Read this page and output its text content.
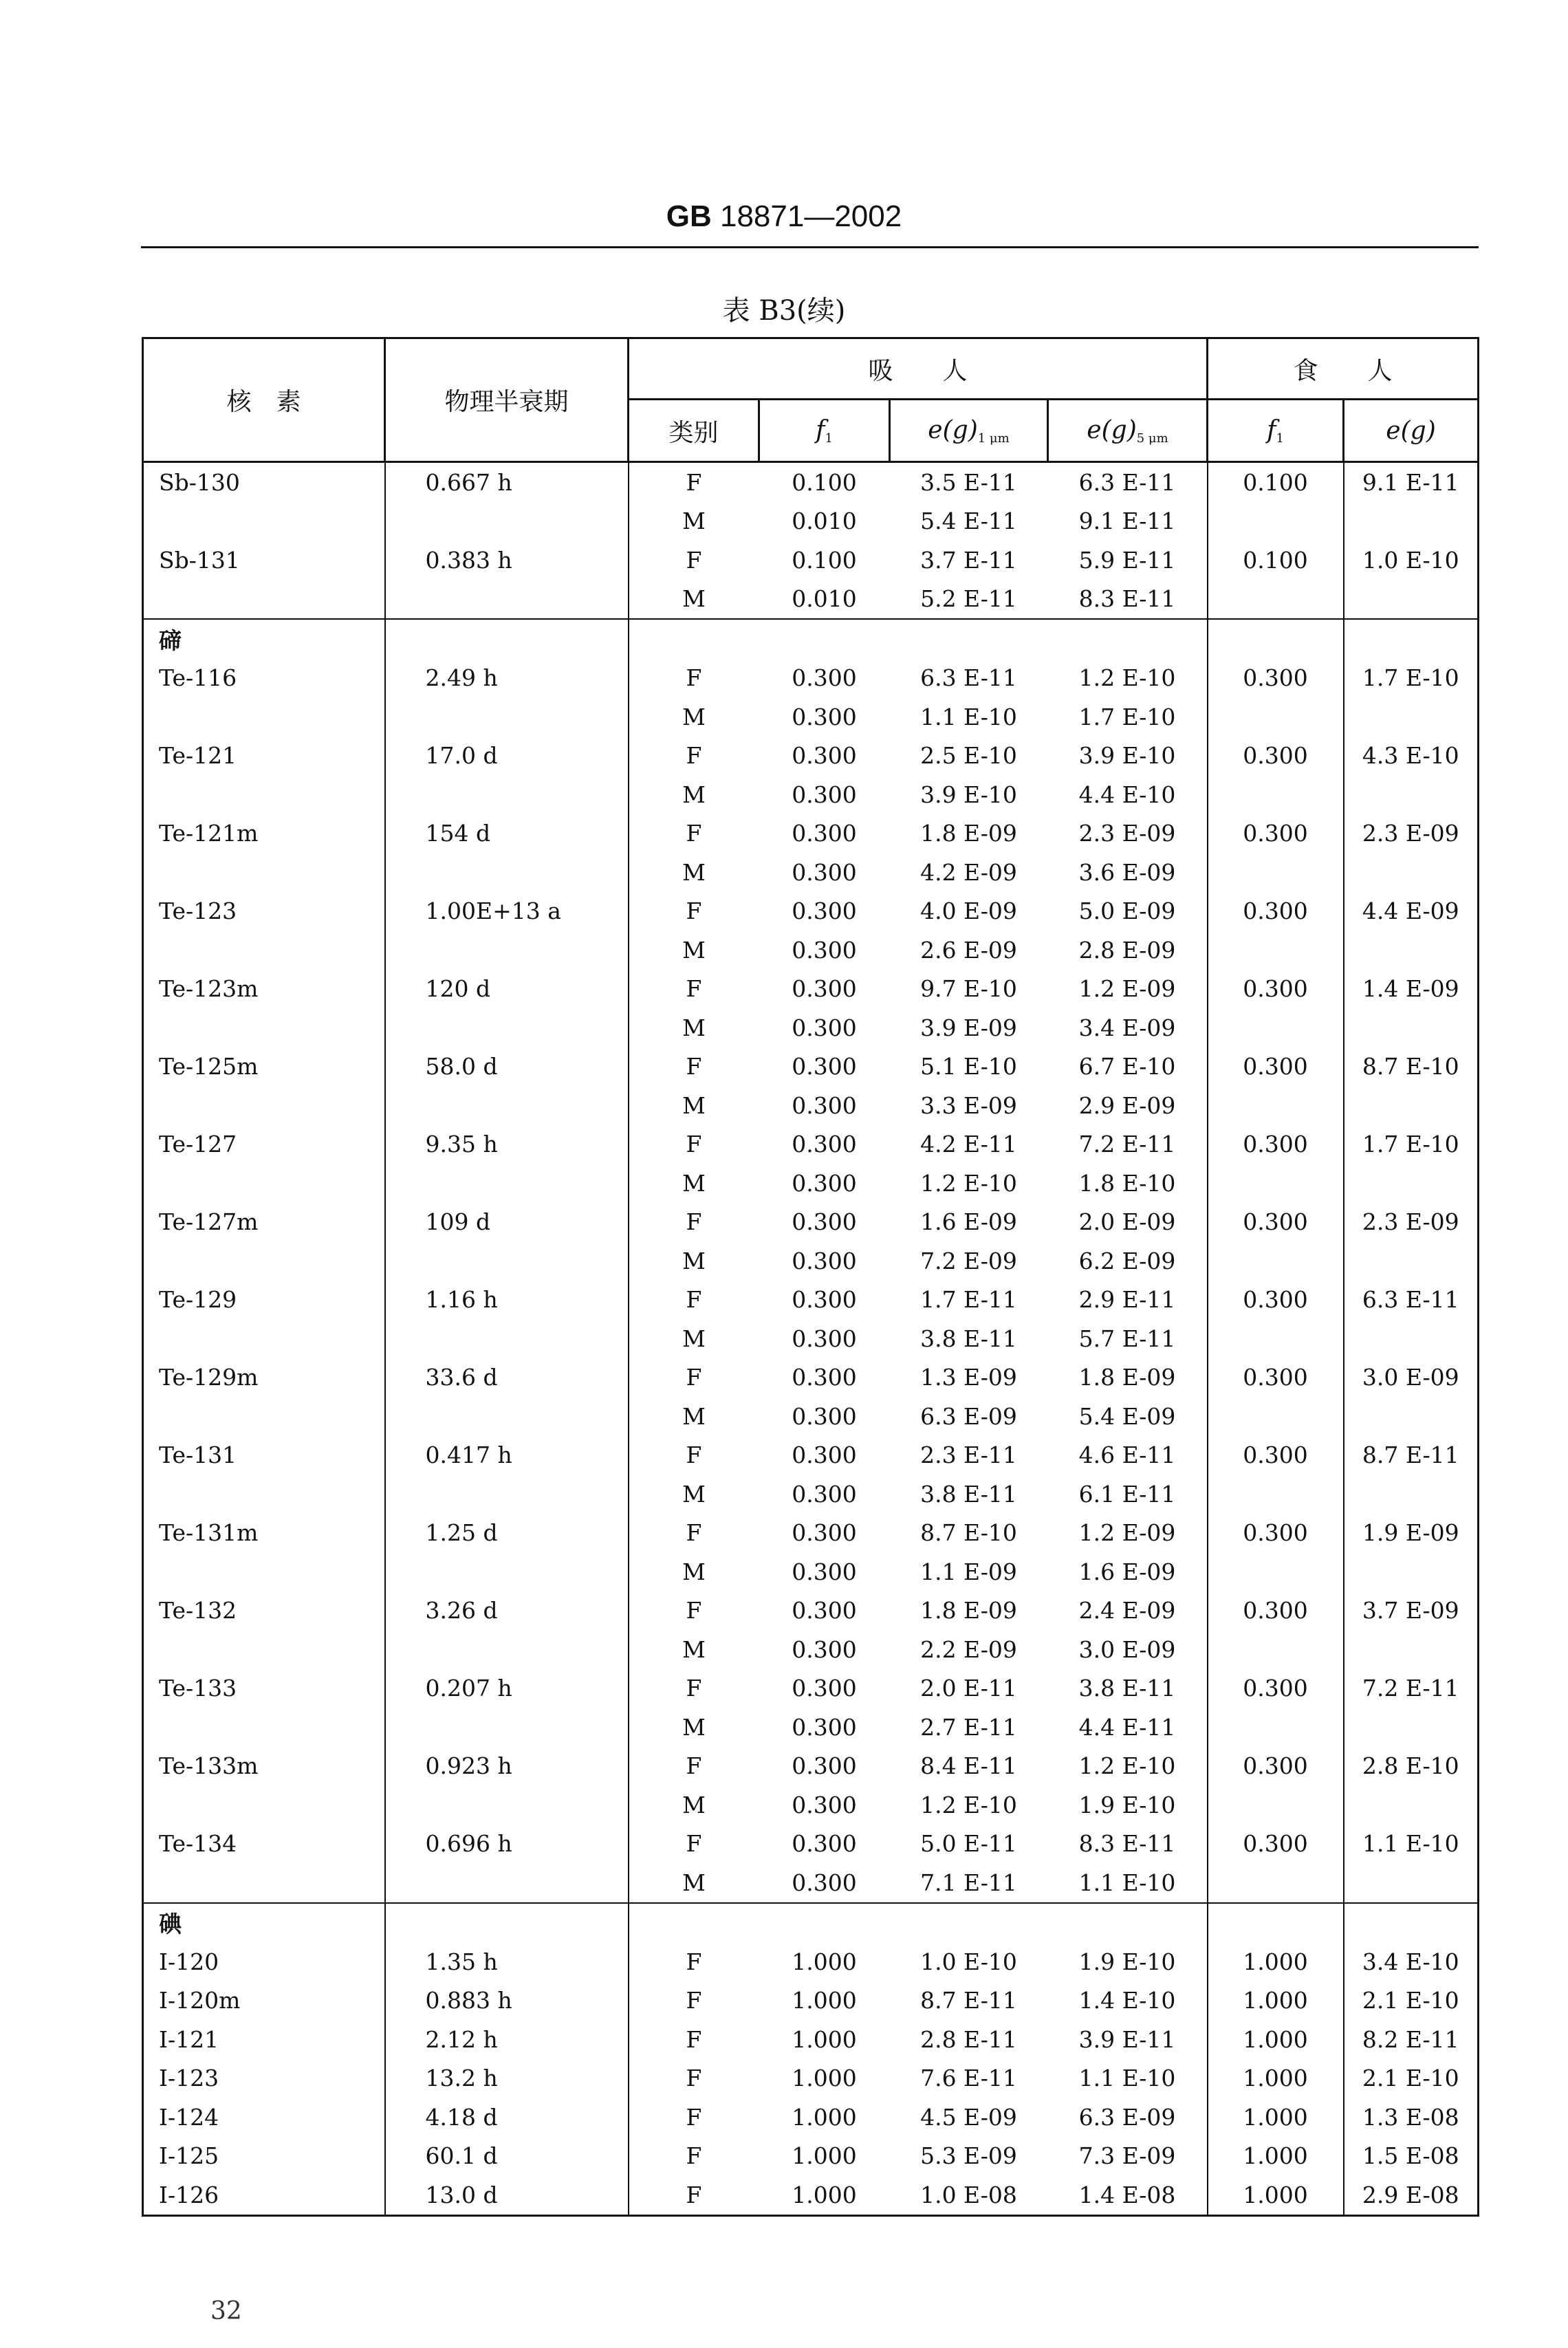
GB 18871—2002
表 B3(续)
核　素	物理半衰期	吸　　人				食　　人	
		类别	$f_1$	$e(g)_{1 \mu m}$	$e(g)_{5 \mu m}$	$f_1$	e(g)
Sb-130	0.667 h	F	0.100	3.5 E-11	6.3 E-11	0.100	9.1 E-11
		M	0.010	5.4 E-11	9.1 E-11		
Sb-131	0.383 h	F	0.100	3.7 E-11	5.9 E-11	0.100	1.0 E-10
		M	0.010	5.2 E-11	8.3 E-11		
碲							
Te-116	2.49 h	F	0.300	6.3 E-11	1.2 E-10	0.300	1.7 E-10
		M	0.300	1.1 E-10	1.7 E-10		
Te-121	17.0 d	F	0.300	2.5 E-10	3.9 E-10	0.300	4.3 E-10
		M	0.300	3.9 E-10	4.4 E-10		
Te-121m	154 d	F	0.300	1.8 E-09	2.3 E-09	0.300	2.3 E-09
		M	0.300	4.2 E-09	3.6 E-09		
Te-123	1.00E+13 a	F	0.300	4.0 E-09	5.0 E-09	0.300	4.4 E-09
		M	0.300	2.6 E-09	2.8 E-09		
Te-123m	120 d	F	0.300	9.7 E-10	1.2 E-09	0.300	1.4 E-09
		M	0.300	3.9 E-09	3.4 E-09		
Te-125m	58.0 d	F	0.300	5.1 E-10	6.7 E-10	0.300	8.7 E-10
		M	0.300	3.3 E-09	2.9 E-09		
Te-127	9.35 h	F	0.300	4.2 E-11	7.2 E-11	0.300	1.7 E-10
		M	0.300	1.2 E-10	1.8 E-10		
Te-127m	109 d	F	0.300	1.6 E-09	2.0 E-09	0.300	2.3 E-09
		M	0.300	7.2 E-09	6.2 E-09		
Te-129	1.16 h	F	0.300	1.7 E-11	2.9 E-11	0.300	6.3 E-11
		M	0.300	3.8 E-11	5.7 E-11		
Te-129m	33.6 d	F	0.300	1.3 E-09	1.8 E-09	0.300	3.0 E-09
		M	0.300	6.3 E-09	5.4 E-09		
Te-131	0.417 h	F	0.300	2.3 E-11	4.6 E-11	0.300	8.7 E-11
		M	0.300	3.8 E-11	6.1 E-11		
Te-131m	1.25 d	F	0.300	8.7 E-10	1.2 E-09	0.300	1.9 E-09
		M	0.300	1.1 E-09	1.6 E-09		
Te-132	3.26 d	F	0.300	1.8 E-09	2.4 E-09	0.300	3.7 E-09
		M	0.300	2.2 E-09	3.0 E-09		
Te-133	0.207 h	F	0.300	2.0 E-11	3.8 E-11	0.300	7.2 E-11
		M	0.300	2.7 E-11	4.4 E-11		
Te-133m	0.923 h	F	0.300	8.4 E-11	1.2 E-10	0.300	2.8 E-10
		M	0.300	1.2 E-10	1.9 E-10		
Te-134	0.696 h	F	0.300	5.0 E-11	8.3 E-11	0.300	1.1 E-10
		M	0.300	7.1 E-11	1.1 E-10		
碘							
I-120	1.35 h	F	1.000	1.0 E-10	1.9 E-10	1.000	3.4 E-10
I-120m	0.883 h	F	1.000	8.7 E-11	1.4 E-10	1.000	2.1 E-10
I-121	2.12 h	F	1.000	2.8 E-11	3.9 E-11	1.000	8.2 E-11
I-123	13.2 h	F	1.000	7.6 E-11	1.1 E-10	1.000	2.1 E-10
I-124	4.18 d	F	1.000	4.5 E-09	6.3 E-09	1.000	1.3 E-08
I-125	60.1 d	F	1.000	5.3 E-09	7.3 E-09	1.000	1.5 E-08
I-126	13.0 d	F	1.000	1.0 E-08	1.4 E-08	1.000	2.9 E-08
32
